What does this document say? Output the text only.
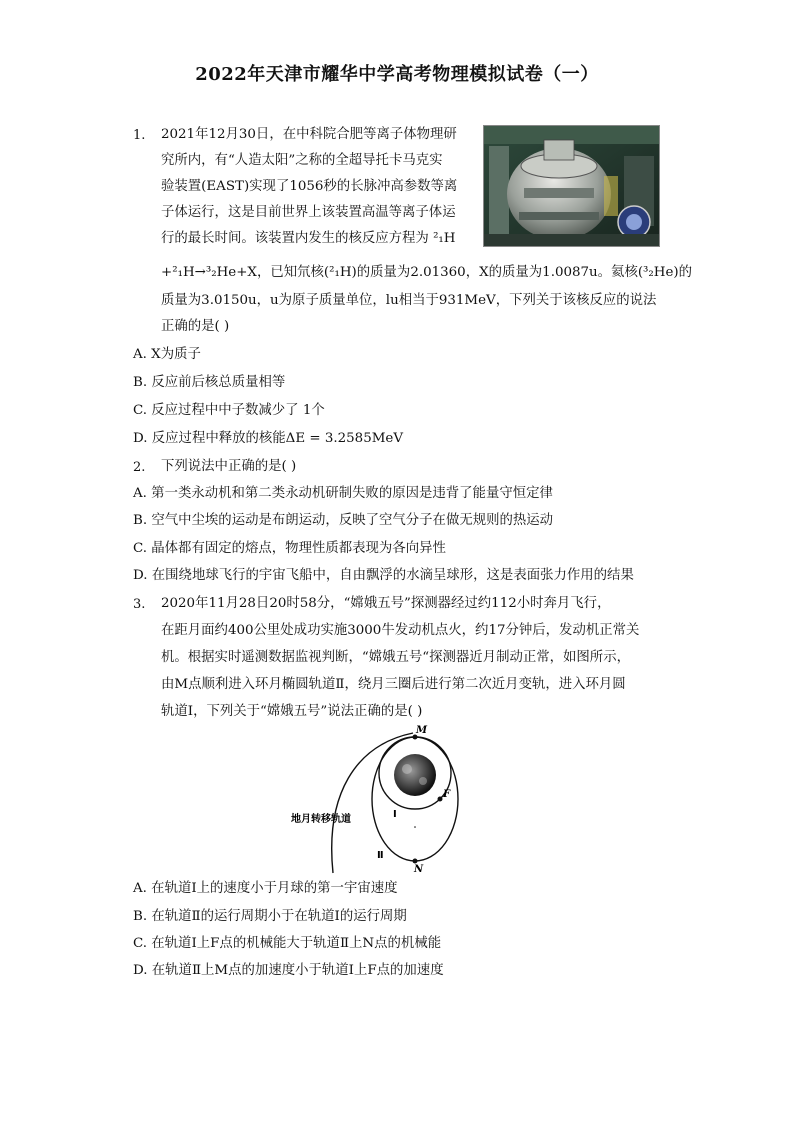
2022年天津市耀华中学高考物理模拟试卷（一）
1. 2021年12月30日，在中科院合肥等离子体物理研
究所内，有“人造太阳”之称的全超导托卡马克实
验装置(EAST)实现了1056秒的长脉冲高参数等离
子体运行，这是目前世界上该装置高温等离子体运
行的最长时间。该装置内发生的核反应方程为 ²₁H
+²₁H→³₂He+X，已知氘核(²₁H)的质量为2.01360，X的质量为1.0087u。氦核(³₂He)的
质量为3.0150u，u为原子质量单位，lu相当于931MeV，下列关于该核反应的说法
正确的是( )
A. X为质子
B. 反应前后核总质量相等
C. 反应过程中中子数减少了 1个
D. 反应过程中释放的核能ΔE = 3.2585MeV
2. 下列说法中正确的是( )
A. 第一类永动机和第二类永动机研制失败的原因是违背了能量守恒定律
B. 空气中尘埃的运动是布朗运动，反映了空气分子在做无规则的热运动
C. 晶体都有固定的熔点，物理性质都表现为各向异性
D. 在围绕地球飞行的宇宙飞船中，自由飘浮的水滴呈球形，这是表面张力作用的结果
3. 2020年11月28日20时58分，“嫦娥五号”探测器经过约112小时奔月飞行，
在距月面约400公里处成功实施3000牛发动机点火，约17分钟后，发动机正常关
机。根据实时遥测数据监视判断，“嫦娥五号“探测器近月制动正常，如图所示，
由M点顺利进入环月椭圆轨道Ⅱ，绕月三圈后进行第二次近月变轨，进入环月圆
轨道Ⅰ，下列关于“嫦娥五号”说法正确的是( )
M
F
N
Ⅰ
Ⅱ
地月转移轨道
A. 在轨道Ⅰ上的速度小于月球的第一宇宙速度
B. 在轨道Ⅱ的运行周期小于在轨道Ⅰ的运行周期
C. 在轨道Ⅰ上F点的机械能大于轨道Ⅱ上N点的机械能
D. 在轨道Ⅱ上M点的加速度小于轨道Ⅰ上F点的加速度
